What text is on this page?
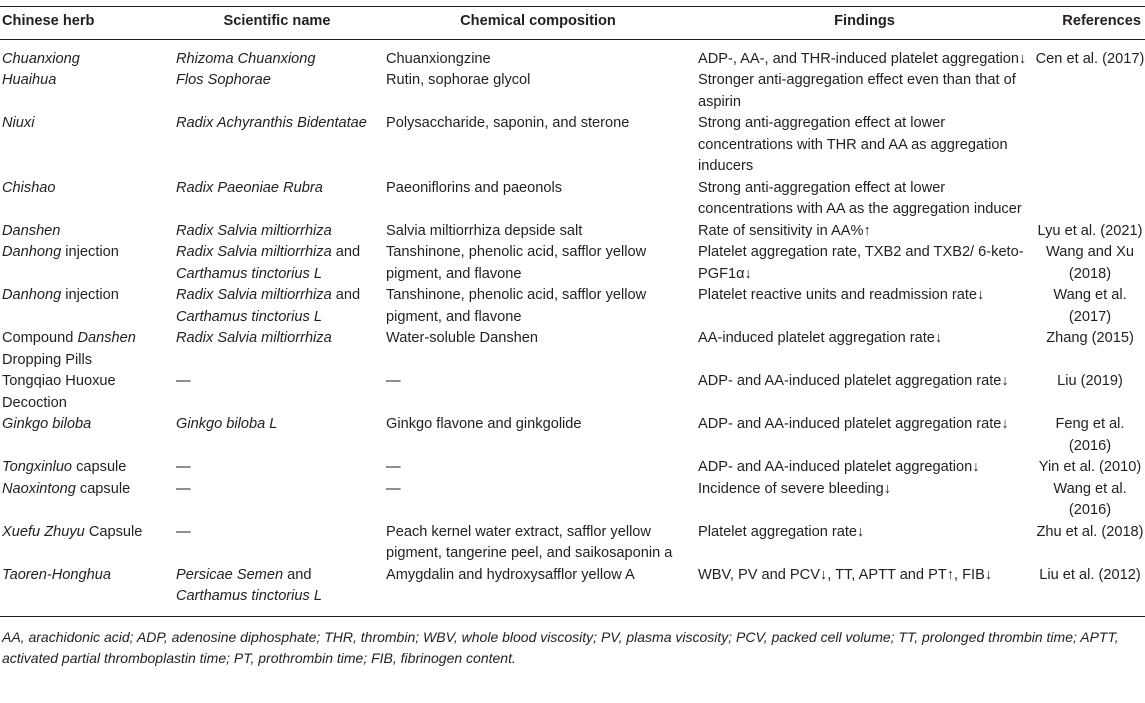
Chinese herb	Scientific name	Chemical composition	Findings	References
Chuanxiong	Rhizoma Chuanxiong	Chuanxiongzine	ADP-, AA-, and THR-induced platelet aggregation↓	Cen et al. (2017)
Huaihua	Flos Sophorae	Rutin, sophorae glycol	Stronger anti-aggregation effect even than that of aspirin	
Niuxi	Radix Achyranthis Bidentatae	Polysaccharide, saponin, and sterone	Strong anti-aggregation effect at lower concentrations with THR and AA as aggregation inducers	
Chishao	Radix Paeoniae Rubra	Paeoniflorins and paeonols	Strong anti-aggregation effect at lower concentrations with AA as the aggregation inducer	
Danshen	Radix Salvia miltiorrhiza	Salvia miltiorrhiza depside salt	Rate of sensitivity in AA%↑	Lyu et al. (2021)
Danhong injection	Radix Salvia miltiorrhiza and Carthamus tinctorius L	Tanshinone, phenolic acid, safflor yellow pigment, and flavone	Platelet aggregation rate, TXB2 and TXB2/ 6-keto-PGF1α↓	Wang and Xu (2018)
Danhong injection	Radix Salvia miltiorrhiza and Carthamus tinctorius L	Tanshinone, phenolic acid, safflor yellow pigment, and flavone	Platelet reactive units and readmission rate↓	Wang et al. (2017)
Compound Danshen Dropping Pills	Radix Salvia miltiorrhiza	Water-soluble Danshen	AA-induced platelet aggregation rate↓	Zhang (2015)
Tongqiao Huoxue Decoction	—	—	ADP- and AA-induced platelet aggregation rate↓	Liu (2019)
Ginkgo biloba	Ginkgo biloba L	Ginkgo flavone and ginkgolide	ADP- and AA-induced platelet aggregation rate↓	Feng et al. (2016)
Tongxinluo capsule	—	—	ADP- and AA-induced platelet aggregation↓	Yin et al. (2010)
Naoxintong capsule	—	—	Incidence of severe bleeding↓	Wang et al. (2016)
Xuefu Zhuyu Capsule	—	Peach kernel water extract, safflor yellow pigment, tangerine peel, and saikosaponin a	Platelet aggregation rate↓	Zhu et al. (2018)
Taoren-Honghua	Persicae Semen and Carthamus tinctorius L	Amygdalin and hydroxysafflor yellow A	WBV, PV and PCV↓, TT, APTT and PT↑, FIB↓	Liu et al. (2012)
AA, arachidonic acid; ADP, adenosine diphosphate; THR, thrombin; WBV, whole blood viscosity; PV, plasma viscosity; PCV, packed cell volume; TT, prolonged thrombin time; APTT, activated partial thromboplastin time; PT, prothrombin time; FIB, fibrinogen content.
